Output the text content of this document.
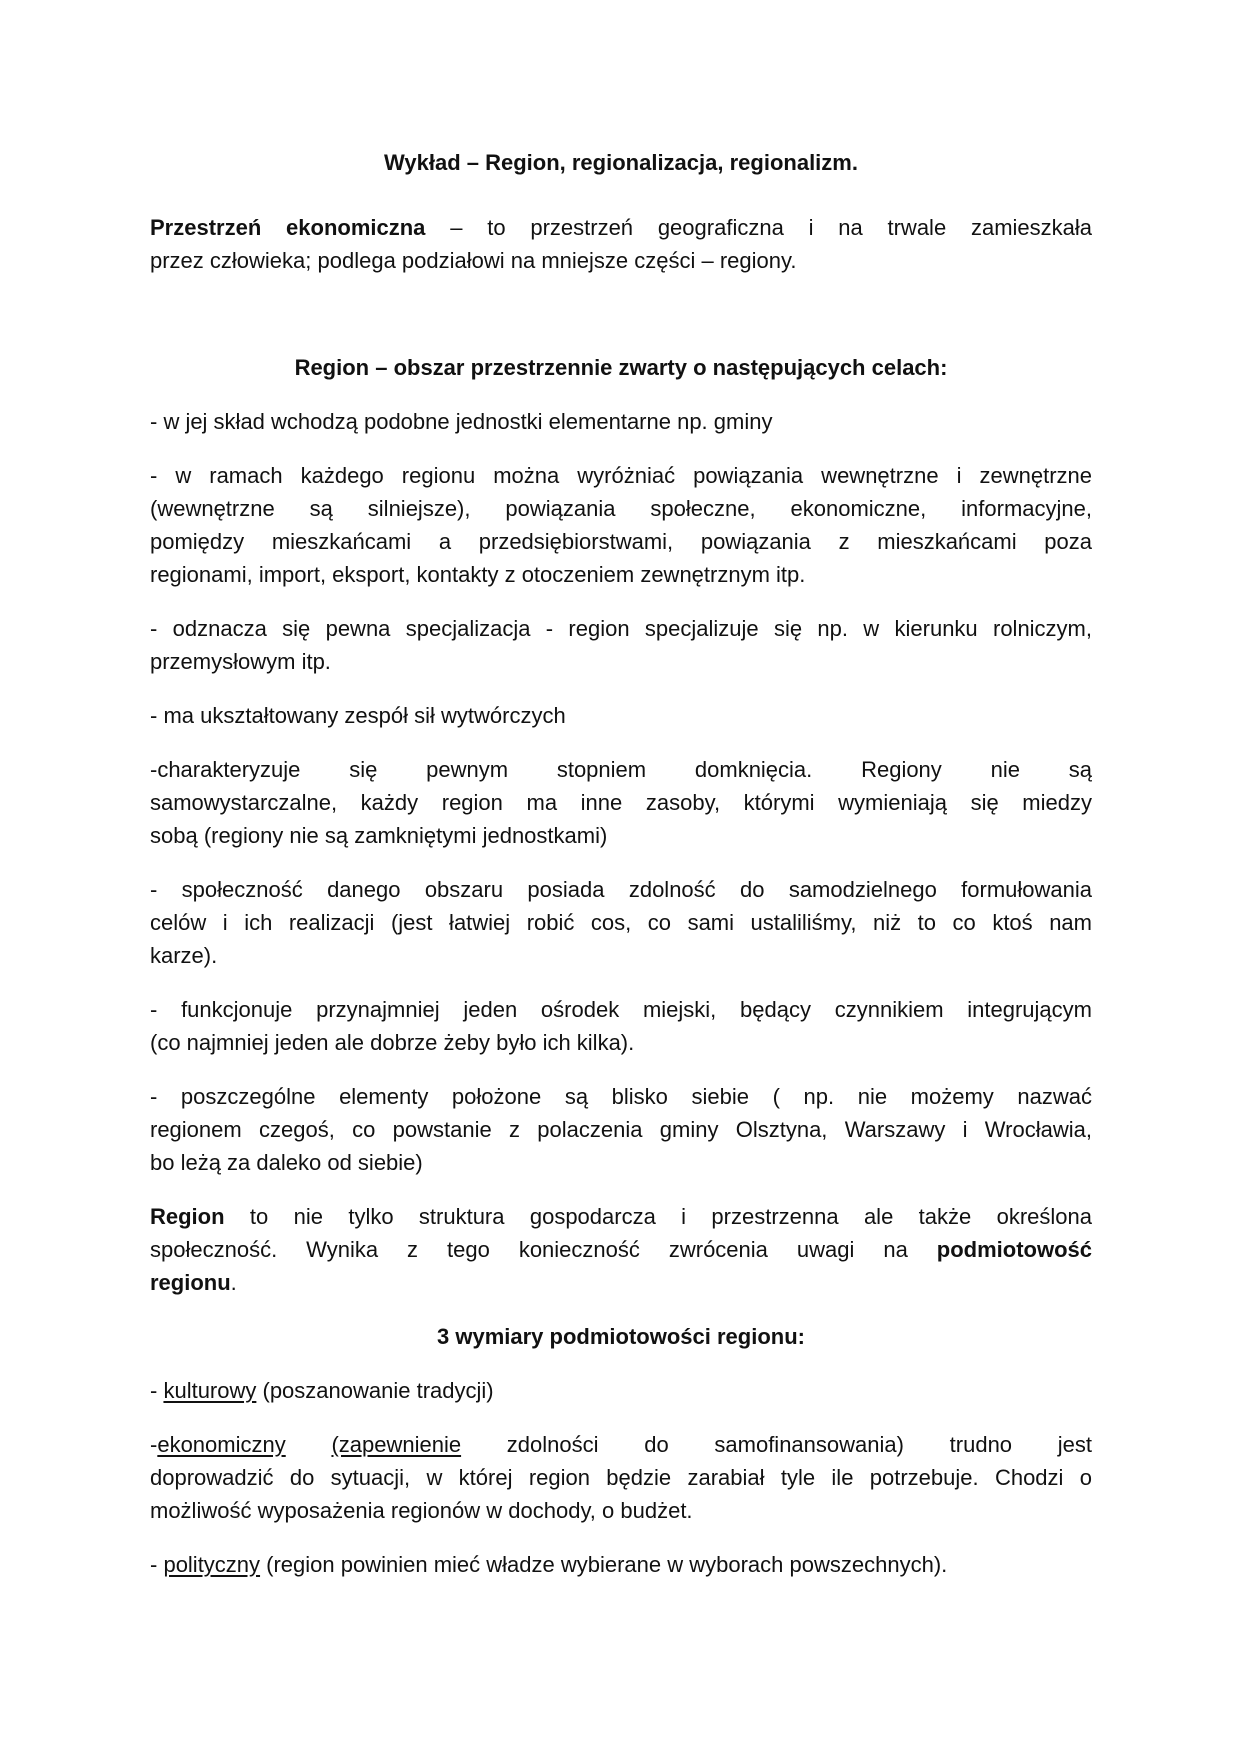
Wykład – Region, regionalizacja, regionalizm.
Przestrzeń ekonomiczna – to przestrzeń geograficzna i na trwale zamieszkała
przez człowieka; podlega podziałowi na mniejsze części – regiony.
Region – obszar przestrzennie zwarty o następujących celach:
- w jej skład wchodzą podobne jednostki elementarne np. gminy
- w ramach każdego regionu można wyróżniać powiązania wewnętrzne i zewnętrzne
(wewnętrzne są silniejsze), powiązania społeczne, ekonomiczne, informacyjne,
pomiędzy mieszkańcami a przedsiębiorstwami, powiązania z mieszkańcami poza
regionami, import, eksport, kontakty z otoczeniem zewnętrznym itp.
- odznacza się pewna specjalizacja - region specjalizuje się np. w kierunku rolniczym,
przemysłowym itp.
- ma ukształtowany zespół sił wytwórczych
-charakteryzuje się pewnym stopniem domknięcia. Regiony nie są
samowystarczalne, każdy region ma inne zasoby, którymi wymieniają się miedzy
sobą (regiony nie są zamkniętymi jednostkami)
- społeczność danego obszaru posiada zdolność do samodzielnego formułowania
celów i ich realizacji (jest łatwiej robić cos, co sami ustaliliśmy, niż to co ktoś nam
karze).
- funkcjonuje przynajmniej jeden ośrodek miejski, będący czynnikiem integrującym
(co najmniej jeden ale dobrze żeby było ich kilka).
- poszczególne elementy położone są blisko siebie ( np. nie możemy nazwać
regionem czegoś, co powstanie z polaczenia gminy Olsztyna, Warszawy i Wrocławia,
bo leżą za daleko od siebie)
Region to nie tylko struktura gospodarcza i przestrzenna ale także określona
społeczność. Wynika z tego konieczność zwrócenia uwagi na podmiotowość
regionu.
3 wymiary podmiotowości regionu:
- kulturowy (poszanowanie tradycji)
-ekonomiczny (zapewnienie zdolności do samofinansowania) trudno jest
doprowadzić do sytuacji, w której region będzie zarabiał tyle ile potrzebuje. Chodzi o
możliwość wyposażenia regionów w dochody, o budżet.
- polityczny (region powinien mieć władze wybierane w wyborach powszechnych).
